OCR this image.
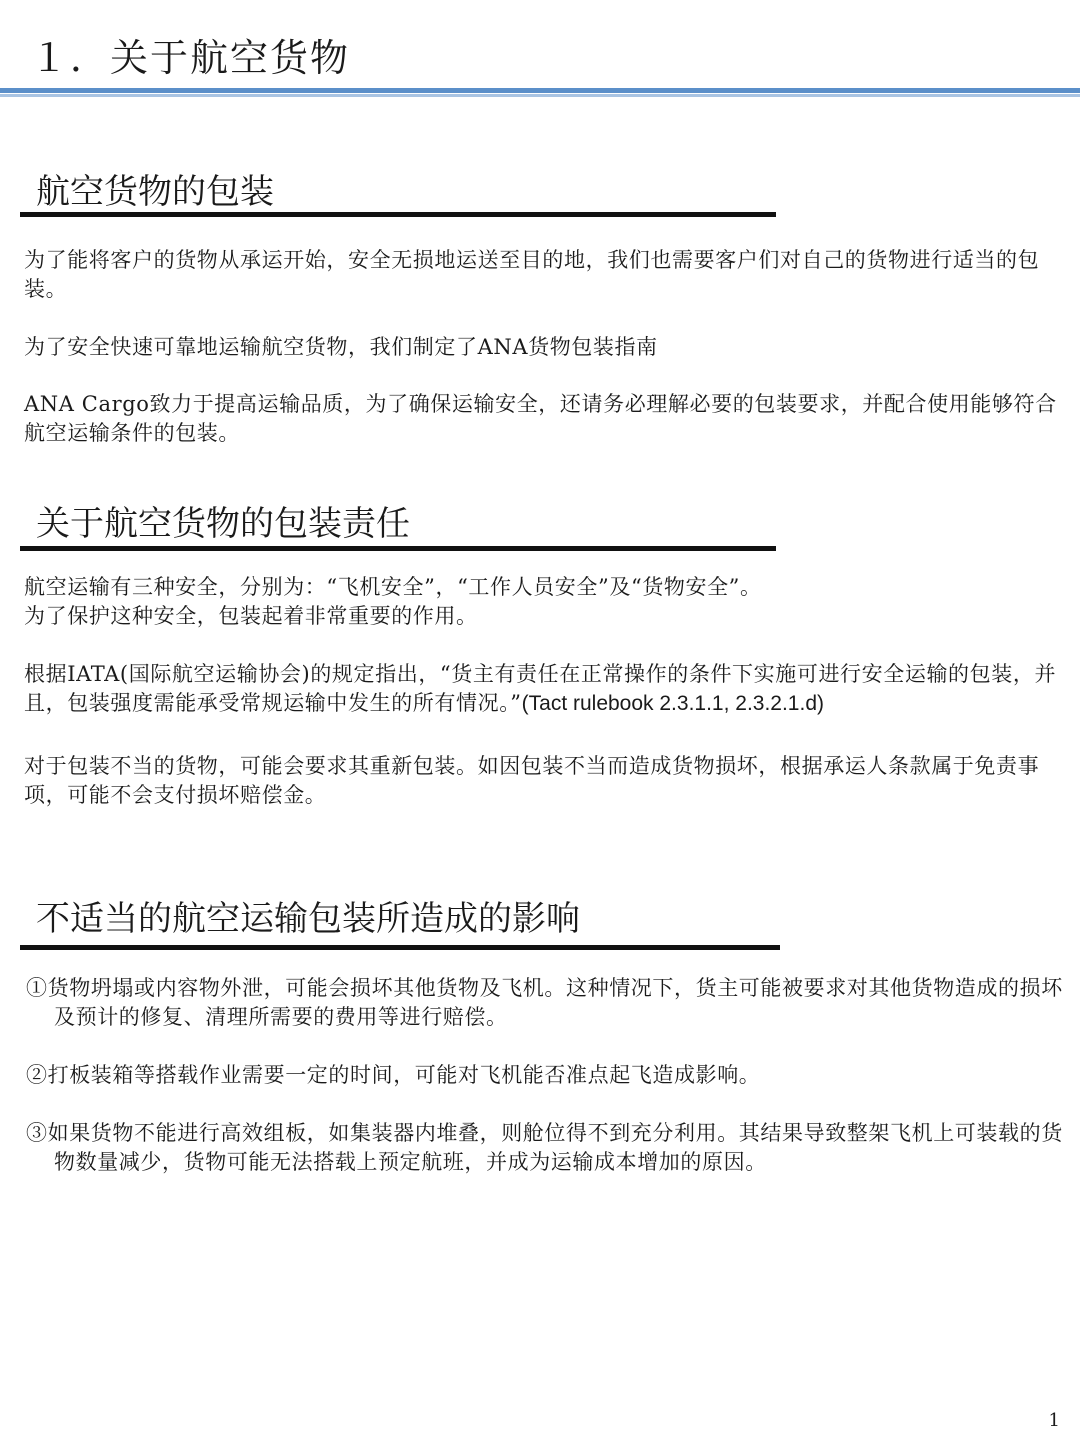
１．关于航空货物
航空货物的包装
为了能将客户的货物从承运开始，安全无损地运送至目的地，我们也需要客户们对自己的货物进行适当的包装。
为了安全快速可靠地运输航空货物，我们制定了ANA货物包装指南
ANA Cargo致力于提高运输品质，为了确保运输安全，还请务必理解必要的包装要求，并配合使用能够符合航空运输条件的包装。
关于航空货物的包装责任
航空运输有三种安全，分别为：“飞机安全”，“工作人员安全”及“货物安全”。
为了保护这种安全，包装起着非常重要的作用。
根据IATA(国际航空运输协会)的规定指出，“货主有责任在正常操作的条件下实施可进行安全运输的包装，并且，包装强度需能承受常规运输中发生的所有情况。”(Tact rulebook 2.3.1.1, 2.3.2.1.d)
对于包装不当的货物，可能会要求其重新包装。如因包装不当而造成货物损坏，根据承运人条款属于免责事项，可能不会支付损坏赔偿金。
不适当的航空运输包装所造成的影响
①货物坍塌或内容物外泄，可能会损坏其他货物及飞机。这种情况下，货主可能被要求对其他货物造成的损坏及预计的修复、清理所需要的费用等进行赔偿。
②打板装箱等搭载作业需要一定的时间，可能对飞机能否准点起飞造成影响。
③如果货物不能进行高效组板，如集装器内堆叠，则舱位得不到充分利用。其结果导致整架飞机上可装载的货物数量减少，货物可能无法搭载上预定航班，并成为运输成本增加的原因。
1
